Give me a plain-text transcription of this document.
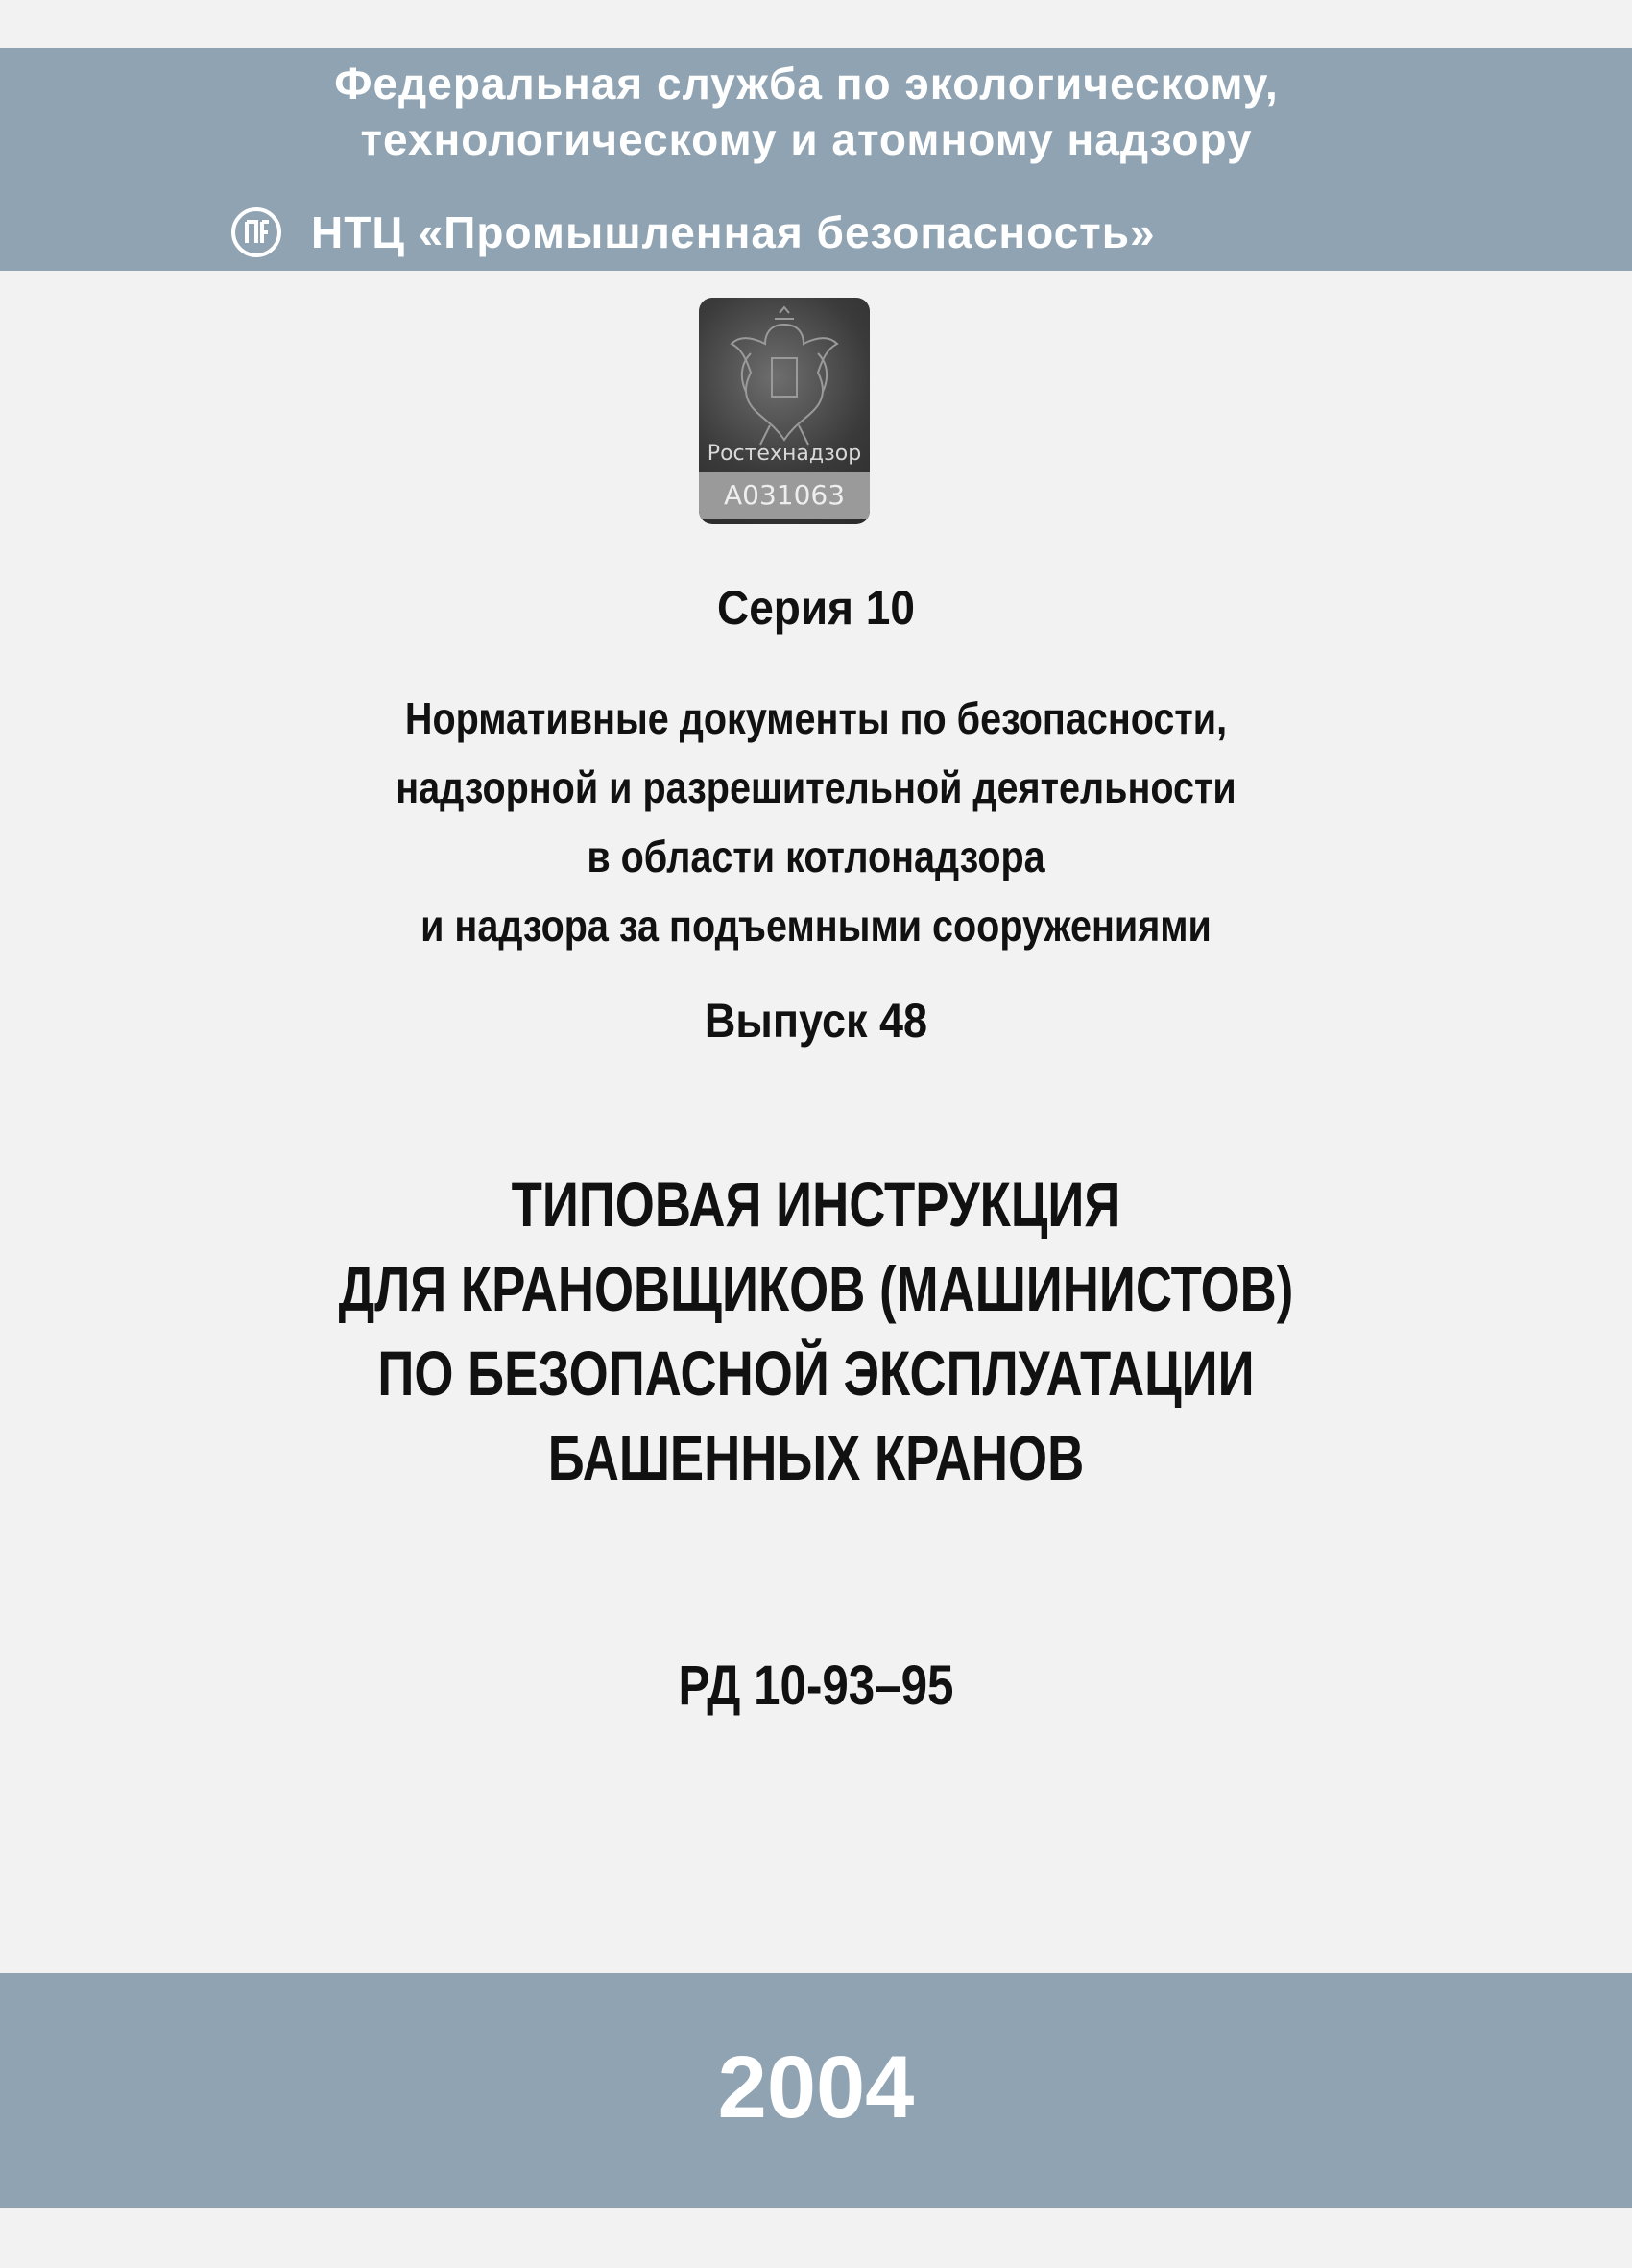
Федеральная служба по экологическому,
технологическому и атомному надзору
НТЦ «Промышленная безопасность»
Ростехнадзор
А031063
Серия 10
Нормативные документы по безопасности,
надзорной и разрешительной деятельности
в области котлонадзора
и надзора за подъемными сооружениями
Выпуск 48
ТИПОВАЯ ИНСТРУКЦИЯ
ДЛЯ КРАНОВЩИКОВ (МАШИНИСТОВ)
ПО БЕЗОПАСНОЙ ЭКСПЛУАТАЦИИ
БАШЕННЫХ КРАНОВ
РД 10-93–95
2004
